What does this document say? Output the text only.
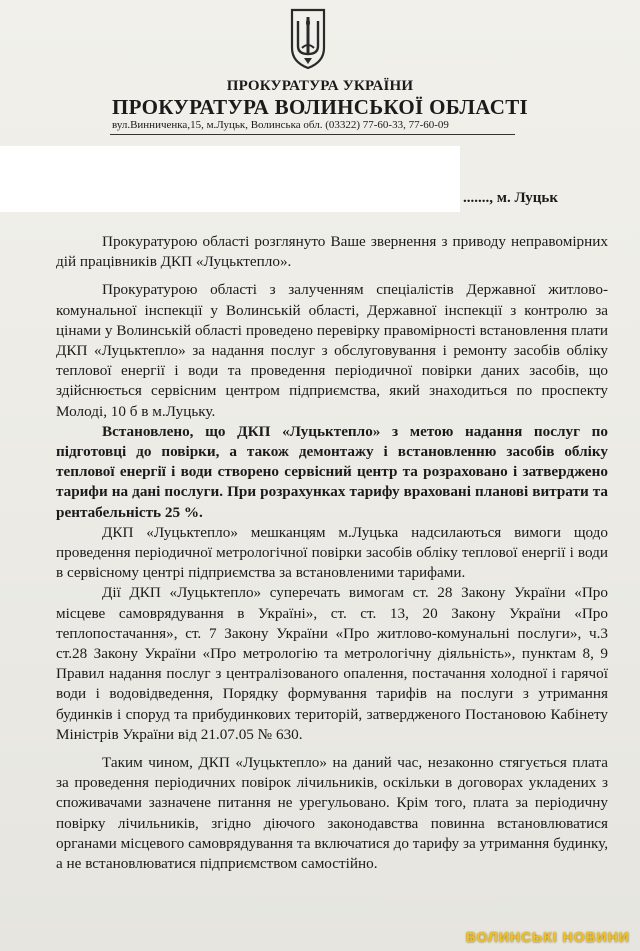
ПРОКУРАТУРА УКРАЇНИ
ПРОКУРАТУРА ВОЛИНСЬКОЇ ОБЛАСТІ
вул.Винниченка,15, м.Луцьк, Волинська обл. (03322) 77-60-33, 77-60-09
......., м. Луцьк

Прокуратурою області розглянуто Ваше звернення з приводу неправомірних дій працівників ДКП «Луцьктепло».

Прокуратурою області з залученням спеціалістів Державної житлово-комунальної інспекції у Волинській області, Державної інспекції з контролю за цінами у Волинській області проведено перевірку правомірності встановлення плати ДКП «Луцьктепло» за надання послуг з обслуговування і ремонту засобів обліку теплової енергії і води та проведення періодичної повірки даних засобів, що здійснюється сервісним центром підприємства, який знаходиться по проспекту Молоді, 10 б в м.Луцьку.

Встановлено, що ДКП «Луцьктепло» з метою надання послуг по підготовці до повірки, а також демонтажу і встановленню засобів обліку теплової енергії і води створено сервісний центр та розраховано і затверджено тарифи на дані послуги. При розрахунках тарифу враховані планові витрати та рентабельність 25 %.

ДКП «Луцьктепло» мешканцям м.Луцька надсилаються вимоги щодо проведення періодичної метрологічної повірки засобів обліку теплової енергії і води в сервісному центрі підприємства за встановленими тарифами.

Дії ДКП «Луцьктепло» суперечать вимогам ст. 28 Закону України «Про місцеве самоврядування в Україні», ст. ст. 13, 20 Закону України «Про теплопостачання», ст. 7 Закону України «Про житлово-комунальні послуги», ч.3 ст.28 Закону України «Про метрологію та метрологічну діяльність», пунктам 8, 9 Правил надання послуг з централізованого опалення, постачання холодної і гарячої води і водовідведення, Порядку формування тарифів на послуги з утримання будинків і споруд та прибудинкових територій, затвердженого Постановою Кабінету Міністрів України від 21.07.05 № 630.

Таким чином, ДКП «Луцьктепло» на даний час, незаконно стягується плата за проведення періодичних повірок лічильників, оскільки в договорах укладених з споживачами зазначене питання не урегульовано. Крім того, плата за періодичну повірку лічильників, згідно діючого законодавства повинна встановлюватися органами місцевого самоврядування та включатися до тарифу за утримання будинку, а не встановлюватися підприємством самостійно.

ВОЛИНСЬКІ НОВИНИ
